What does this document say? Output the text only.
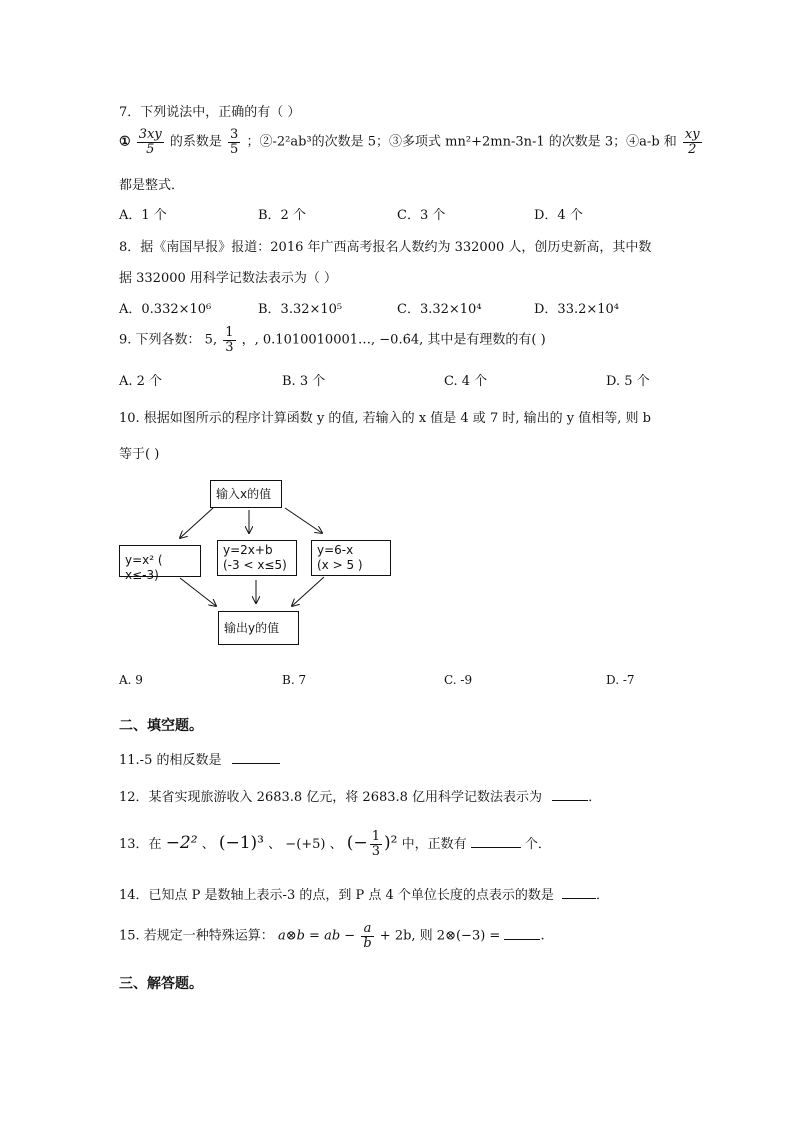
7．下列说法中，正确的有（ ）
① $\frac{3xy}{5}$ 的系数是 $\frac{3}{5}$ ；②-2²ab³的次数是 5；③多项式 mn²+2mn-3n-1 的次数是 3；④a-b 和 $\frac{xy}{2}$
都是整式．
A．1 个	B．2 个	C．3 个	D．4 个
8．据《南国早报》报道：2016 年广西高考报名人数约为 332000 人，创历史新高，其中数
据 332000 用科学记数法表示为（ ）
A．0.332×10⁶	B．3.32×10⁵	C．3.32×10⁴	D．33.2×10⁴
9. 下列各数： 5, $\frac{1}{3}$ ，, 0.1010010001…, −0.6̇4̇, 其中是有理数的有( )
A. 2 个	B. 3 个	C. 4 个	D. 5 个
10. 根据如图所示的程序计算函数 y 的值, 若输入的 x 值是 4 或 7 时, 输出的 y 值相等, 则 b
等于( )
输入x的值
y=x² ( x≤-3)
y=2x+b
(-3 < x≤5)
y=6-x
(x > 5 )
输出y的值
A. 9	B. 7	C. -9	D. -7
二、填空题。
11.-5 的相反数是
12．某省实现旅游收入 2683.8 亿元，将 2683.8 亿用科学记数法表示为	．
13．在 −2² 、 (−1)³ 、 −(+5) 、 (− $\frac{1}{3} )^2$ 中，正数有	个．
14．已知点 P 是数轴上表示-3 的点，到 P 点 4 个单位长度的点表示的数是	．
15. 若规定一种特殊运算： a⊗b = ab − $\frac{a}{b} + 2b$, 则 2⊗(−3) =	.
三、解答题。
